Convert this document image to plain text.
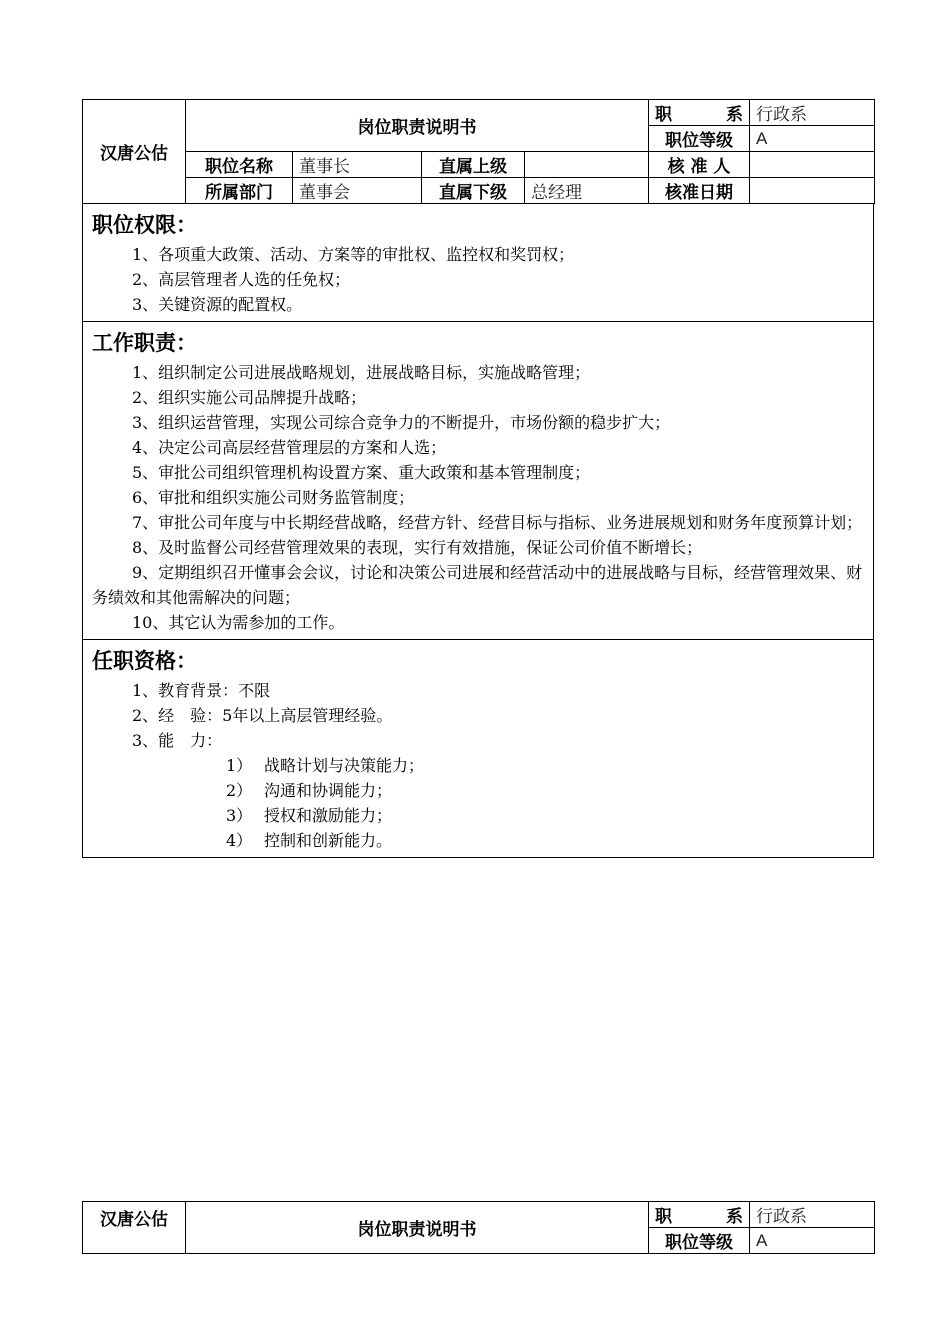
汉唐公估	岗位职责说明书				职　　系	行政系
					职位等级	A
	职位名称	董事长	直属上级		核 准 人	
	所属部门	董事会	直属下级	总经理	核准日期	

职位权限：

1、各项重大政策、活动、方案等的审批权、监控权和奖罚权；

2、高层管理者人选的任免权；

3、关键资源的配置权。

工作职责：

1、组织制定公司进展战略规划，进展战略目标，实施战略管理；

2、组织实施公司品牌提升战略；

3、组织运营管理，实现公司综合竞争力的不断提升，市场份额的稳步扩大；

4、决定公司高层经营管理层的方案和人选；

5、审批公司组织管理机构设置方案、重大政策和基本管理制度；

6、审批和组织实施公司财务监管制度；

7、审批公司年度与中长期经营战略，经营方针、经营目标与指标、业务进展规划和财务年度预算计划；

8、及时监督公司经营管理效果的表现，实行有效措施，保证公司价值不断增长；

9、定期组织召开懂事会会议，讨论和决策公司进展和经营活动中的进展战略与目标，经营管理效果、财务绩效和其他需解决的问题；

10、其它认为需参加的工作。

任职资格：

1、教育背景：不限

2、经　验：5年以上高层管理经验。

3、能　力：

1） 战略计划与决策能力；

2） 沟通和协调能力；

3） 授权和激励能力；

4） 控制和创新能力。

汉唐公估	岗位职责说明书	职　　系	行政系
		职位等级	A
